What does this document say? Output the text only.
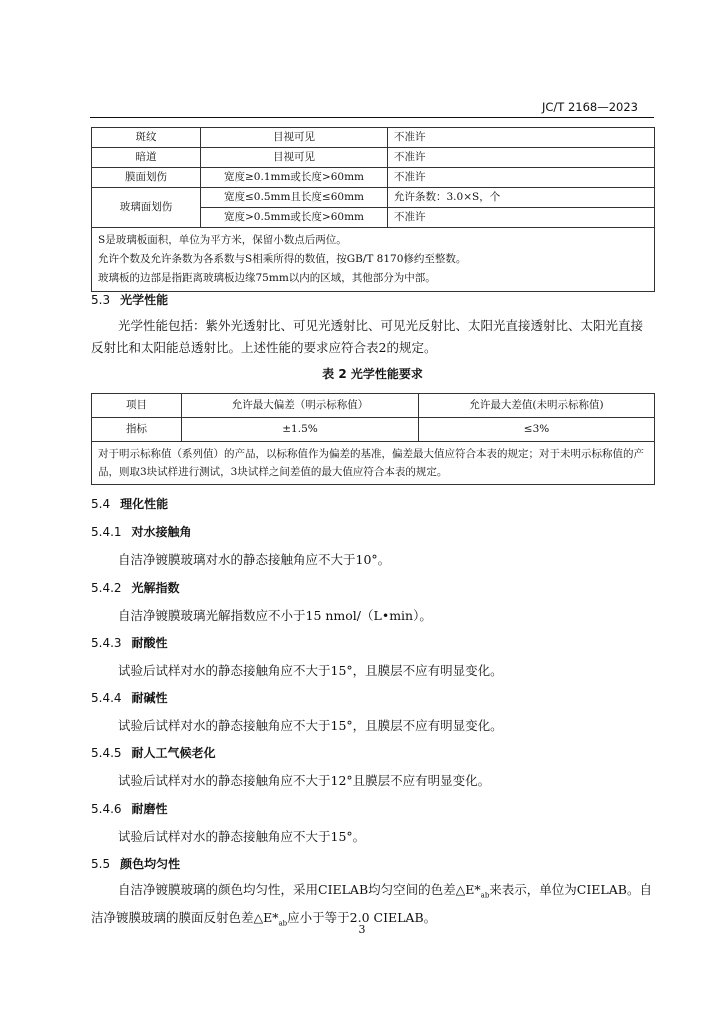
JC/T 2168—2023
斑纹	目视可见	不准许
暗道	目视可见	不准许
膜面划伤	宽度≥0.1mm或长度>60mm	不准许
玻璃面划伤	宽度≤0.5mm且长度≤60mm	允许条数：3.0×S，个
	宽度>0.5mm或长度>60mm	不准许

S是玻璃板面积，单位为平方米，保留小数点后两位。
允许个数及允许条数为各系数与S相乘所得的数值，按GB/T 8170修约至整数。
玻璃板的边部是指距离玻璃板边缘75mm以内的区域，其他部分为中部。		
5.3 光学性能
光学性能包括：紫外光透射比、可见光透射比、可见光反射比、太阳光直接透射比、太阳光直接反射比和太阳能总透射比。上述性能的要求应符合表2的规定。
表 2 光学性能要求
项目	允许最大偏差（明示标称值）	允许最大差值(未明示标称值)
指标	±1.5%	≤3%
对于明示标称值（系列值）的产品，以标称值作为偏差的基准，偏差最大值应符合本表的规定；对于未明示标称值的产品，则取3块试样进行测试，3块试样之间差值的最大值应符合本表的规定。		
5.4 理化性能
5.4.1 对水接触角
自洁净镀膜玻璃对水的静态接触角应不大于10°。
5.4.2 光解指数
自洁净镀膜玻璃光解指数应不小于15 nmol/（L•min）。
5.4.3 耐酸性
试验后试样对水的静态接触角应不大于15°，且膜层不应有明显变化。
5.4.4 耐碱性
试验后试样对水的静态接触角应不大于15°，且膜层不应有明显变化。
5.4.5 耐人工气候老化
试验后试样对水的静态接触角应不大于12°且膜层不应有明显变化。
5.4.6 耐磨性
试验后试样对水的静态接触角应不大于15°。
5.5 颜色均匀性
自洁净镀膜玻璃的颜色均匀性，采用CIELAB均匀空间的色差$\triangle E*_{ab}$来表示，单位为CIELAB。自洁净镀膜玻璃的膜面反射色差$\triangle E*_{ab}$应小于等于2.0 CIELAB。
3
